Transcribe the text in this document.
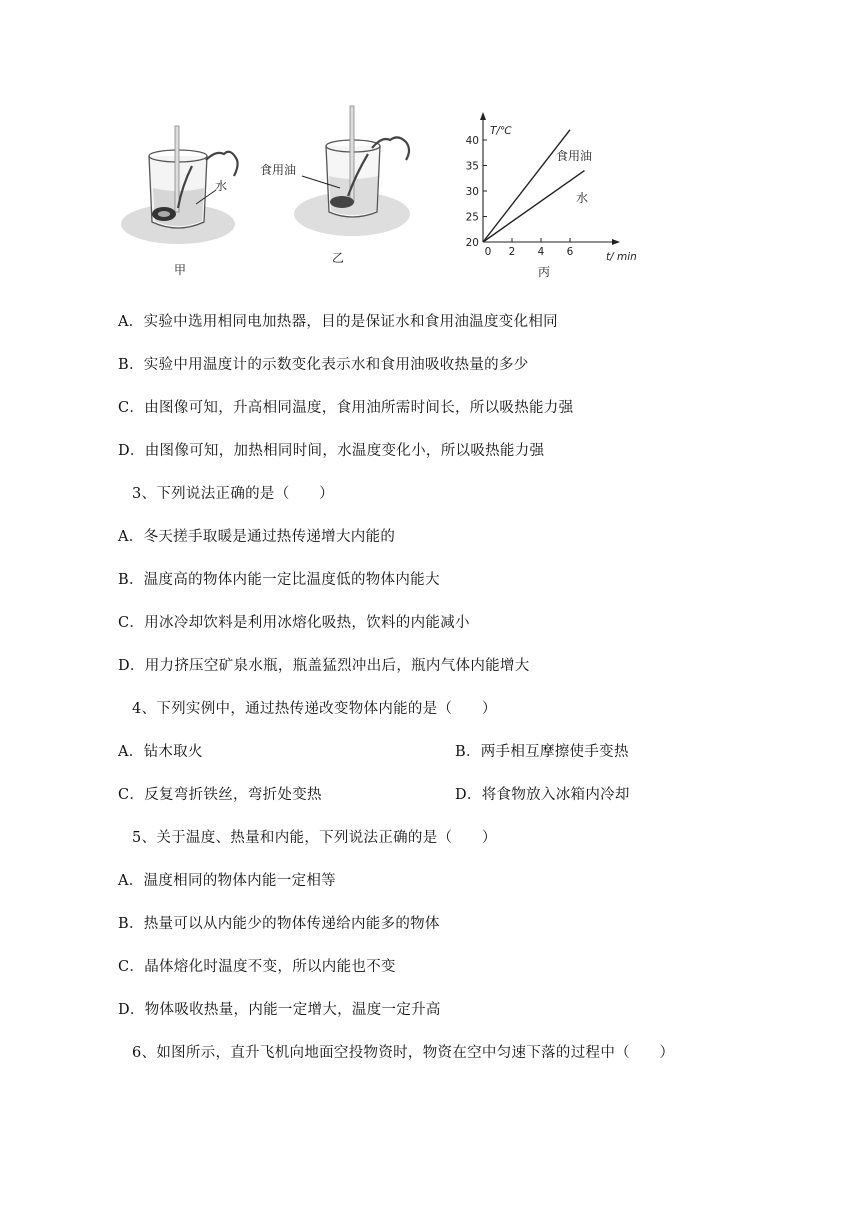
水
甲
食用油
乙
20
25
30
35
40
0 2 4 6
T/℃
t/ min
食用油
水
丙
A．实验中选用相同电加热器，目的是保证水和食用油温度变化相同
B．实验中用温度计的示数变化表示水和食用油吸收热量的多少
C．由图像可知，升高相同温度，食用油所需时间长，所以吸热能力强
D．由图像可知，加热相同时间，水温度变化小，所以吸热能力强
3、下列说法正确的是（　　）
A．冬天搓手取暖是通过热传递增大内能的
B．温度高的物体内能一定比温度低的物体内能大
C．用冰冷却饮料是利用冰熔化吸热，饮料的内能减小
D．用力挤压空矿泉水瓶，瓶盖猛烈冲出后，瓶内气体内能增大
4、下列实例中，通过热传递改变物体内能的是（　　）
A．钻木取火	B．两手相互摩擦使手变热
C．反复弯折铁丝，弯折处变热	D．将食物放入冰箱内冷却
5、关于温度、热量和内能，下列说法正确的是（　　）
A．温度相同的物体内能一定相等
B．热量可以从内能少的物体传递给内能多的物体
C．晶体熔化时温度不变，所以内能也不变
D．物体吸收热量，内能一定增大，温度一定升高
6、如图所示，直升飞机向地面空投物资时，物资在空中匀速下落的过程中（　　）
